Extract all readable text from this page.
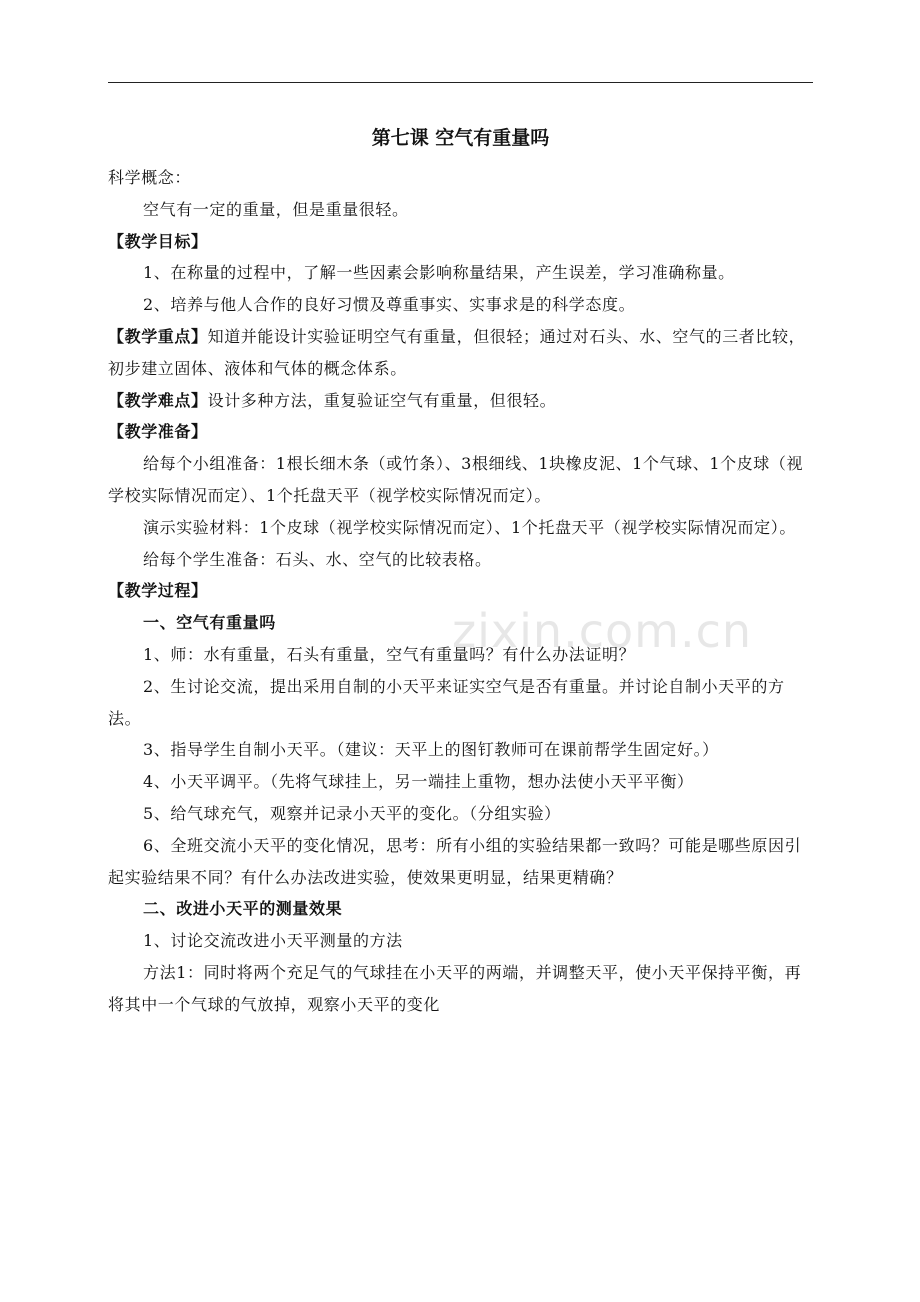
zixin.com.cn
第七课 空气有重量吗

科学概念：

空气有一定的重量，但是重量很轻。

【教学目标】

1、在称量的过程中，了解一些因素会影响称量结果，产生误差，学习准确称量。

2、培养与他人合作的良好习惯及尊重事实、实事求是的科学态度。

【教学重点】知道并能设计实验证明空气有重量，但很轻；通过对石头、水、空气的三者比较，初步建立固体、液体和气体的概念体系。

【教学难点】设计多种方法，重复验证空气有重量，但很轻。

【教学准备】

给每个小组准备：1根长细木条（或竹条）、3根细线、1块橡皮泥、1个气球、1个皮球（视学校实际情况而定）、1个托盘天平（视学校实际情况而定）。

演示实验材料：1个皮球（视学校实际情况而定）、1个托盘天平（视学校实际情况而定）。

给每个学生准备：石头、水、空气的比较表格。

【教学过程】

一、空气有重量吗

1、师：水有重量，石头有重量，空气有重量吗？有什么办法证明？

2、生讨论交流，提出采用自制的小天平来证实空气是否有重量。并讨论自制小天平的方法。

3、指导学生自制小天平。（建议：天平上的图钉教师可在课前帮学生固定好。）

4、小天平调平。（先将气球挂上，另一端挂上重物，想办法使小天平平衡）

5、给气球充气，观察并记录小天平的变化。（分组实验）

6、全班交流小天平的变化情况，思考：所有小组的实验结果都一致吗？可能是哪些原因引起实验结果不同？有什么办法改进实验，使效果更明显，结果更精确？

二、改进小天平的测量效果

1、讨论交流改进小天平测量的方法

方法1：同时将两个充足气的气球挂在小天平的两端，并调整天平，使小天平保持平衡，再将其中一个气球的气放掉，观察小天平的变化
